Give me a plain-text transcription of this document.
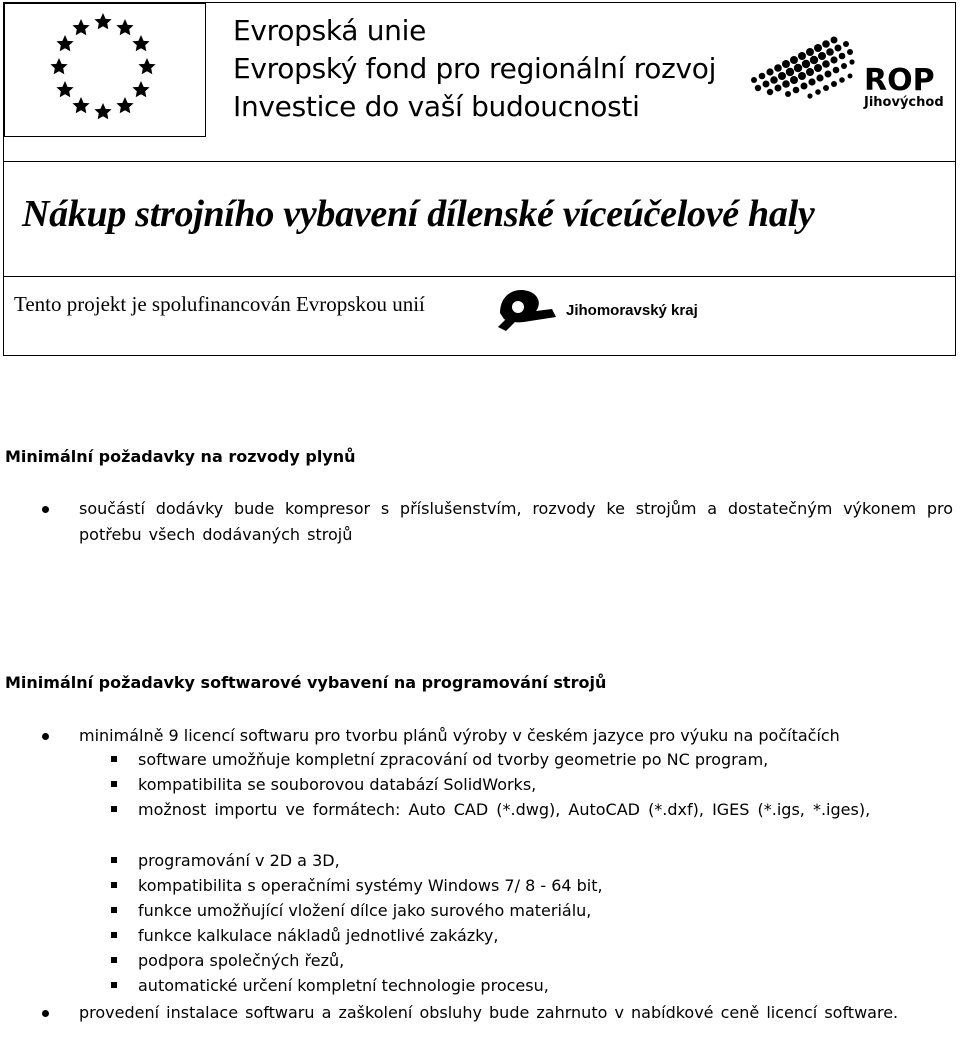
Evropská unie
Evropský fond pro regionální rozvoj
Investice do vaší budoucnosti
ROP
Jihovýchod
Nákup strojního vybavení dílenské víceúčelové haly
Tento projekt je spolufinancován Evropskou unií	Jihomoravský kraj
Minimální požadavky na rozvody plynů
součástí dodávky bude kompresor s příslušenstvím, rozvody ke strojům a dostatečným výkonem pro potřebu všech dodávaných strojů
Minimální požadavky softwarové vybavení na programování strojů
minimálně 9 licencí softwaru pro tvorbu plánů výroby v českém jazyce pro výuku na počítačích
software umožňuje kompletní zpracování od tvorby geometrie po NC program,
kompatibilita se souborovou databází SolidWorks,
možnost importu ve formátech: Auto CAD (*.dwg), AutoCAD (*.dxf), IGES (*.igs, *.iges),
programování v 2D a 3D,
kompatibilita s operačními systémy Windows 7/ 8 - 64 bit,
funkce umožňující vložení dílce jako surového materiálu,
funkce kalkulace nákladů jednotlivé zakázky,
podpora společných řezů,
automatické určení kompletní technologie procesu,
provedení instalace softwaru a zaškolení obsluhy bude zahrnuto v nabídkové ceně licencí software.
